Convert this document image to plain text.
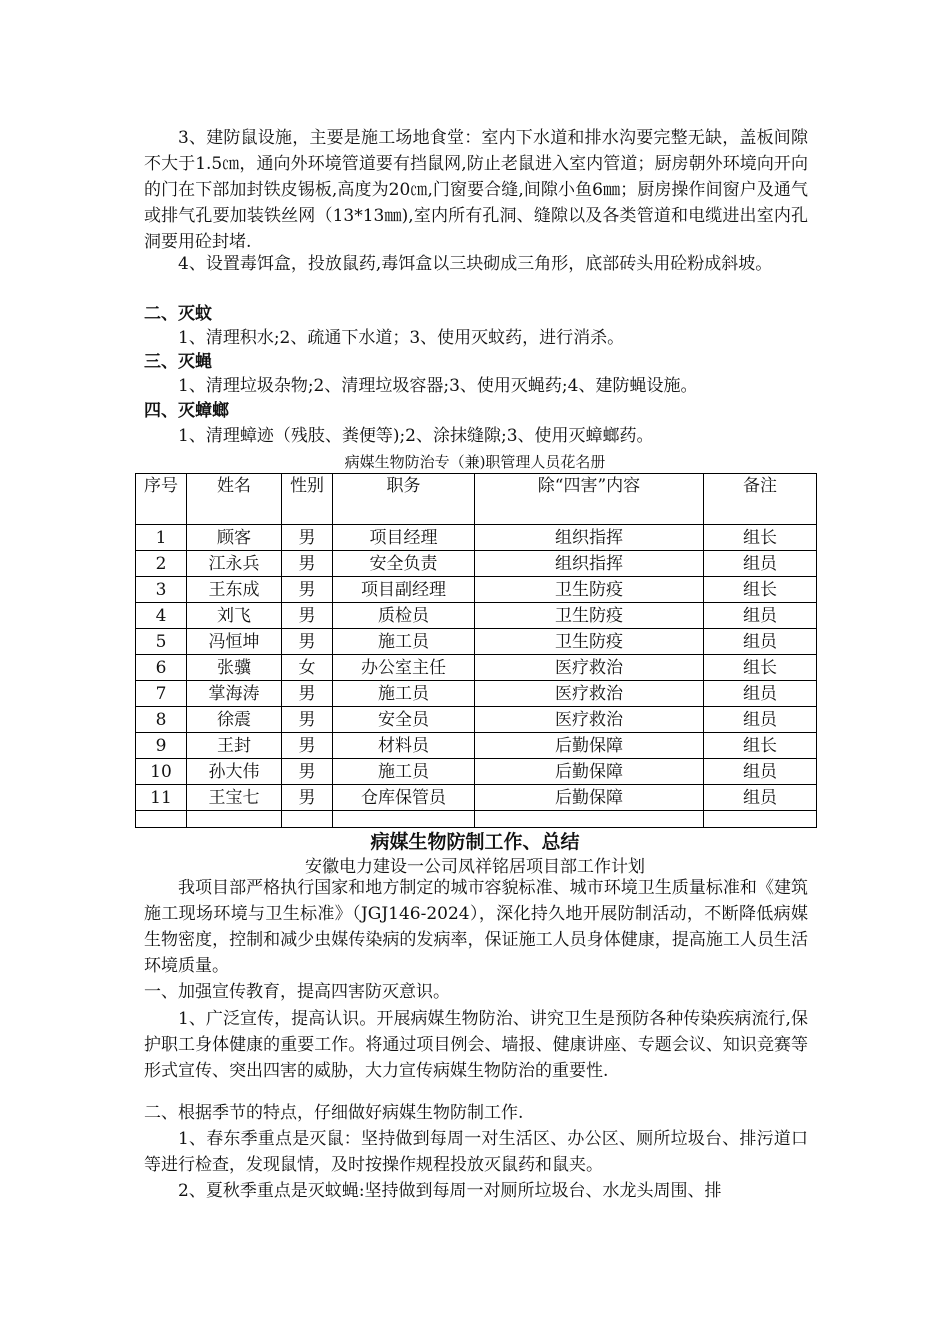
3、建防鼠设施，主要是施工场地食堂：室内下水道和排水沟要完整无缺，盖板间隙不大于1.5㎝，通向外环境管道要有挡鼠网,防止老鼠进入室内管道；厨房朝外环境向开向的门在下部加封铁皮锡板,高度为20㎝,门窗要合缝,间隙小鱼6㎜；厨房操作间窗户及通气或排气孔要加装铁丝网（13*13㎜),室内所有孔洞、缝隙以及各类管道和电缆进出室内孔洞要用砼封堵.

4、设置毒饵盒，投放鼠药,毒饵盒以三块砌成三角形，底部砖头用砼粉成斜坡。

二、灭蚊

1、清理积水;2、疏通下水道；3、使用灭蚊药，进行消杀。

三、灭蝇

1、清理垃圾杂物;2、清理垃圾容器;3、使用灭蝇药;4、建防蝇设施。

四、灭蟑螂

1、清理蟑迹（残肢、粪便等);2、涂抹缝隙;3、使用灭蟑螂药。

病媒生物防治专（兼)职管理人员花名册

序号	姓名	性别	职务	除“四害”内容	备注
1	顾客	男	项目经理	组织指挥	组长
2	江永兵	男	安全负责	组织指挥	组员
3	王东成	男	项目副经理	卫生防疫	组长
4	刘飞	男	质检员	卫生防疫	组员
5	冯恒坤	男	施工员	卫生防疫	组员
6	张骥	女	办公室主任	医疗救治	组长
7	掌海涛	男	施工员	医疗救治	组员
8	徐震	男	安全员	医疗救治	组员
9	王封	男	材料员	后勤保障	组长
10	孙大伟	男	施工员	后勤保障	组员
11	王宝七	男	仓库保管员	后勤保障	组员

病媒生物防制工作、总结

安徽电力建设一公司凤祥铭居项目部工作计划

我项目部严格执行国家和地方制定的城市容貌标准、城市环境卫生质量标准和《建筑施工现场环境与卫生标准》（JGJ146-2024），深化持久地开展防制活动，不断降低病媒生物密度，控制和减少虫媒传染病的发病率，保证施工人员身体健康，提高施工人员生活环境质量。

一、加强宣传教育，提高四害防灭意识。

1、广泛宣传，提高认识。开展病媒生物防治、讲究卫生是预防各种传染疾病流行,保护职工身体健康的重要工作。将通过项目例会、墙报、健康讲座、专题会议、知识竞赛等形式宣传、突出四害的威胁，大力宣传病媒生物防治的重要性.

二、根据季节的特点，仔细做好病媒生物防制工作.

1、春东季重点是灭鼠：坚持做到每周一对生活区、办公区、厕所垃圾台、排污道口等进行检查，发现鼠情，及时按操作规程投放灭鼠药和鼠夹。

2、夏秋季重点是灭蚊蝇:坚持做到每周一对厕所垃圾台、水龙头周围、排
